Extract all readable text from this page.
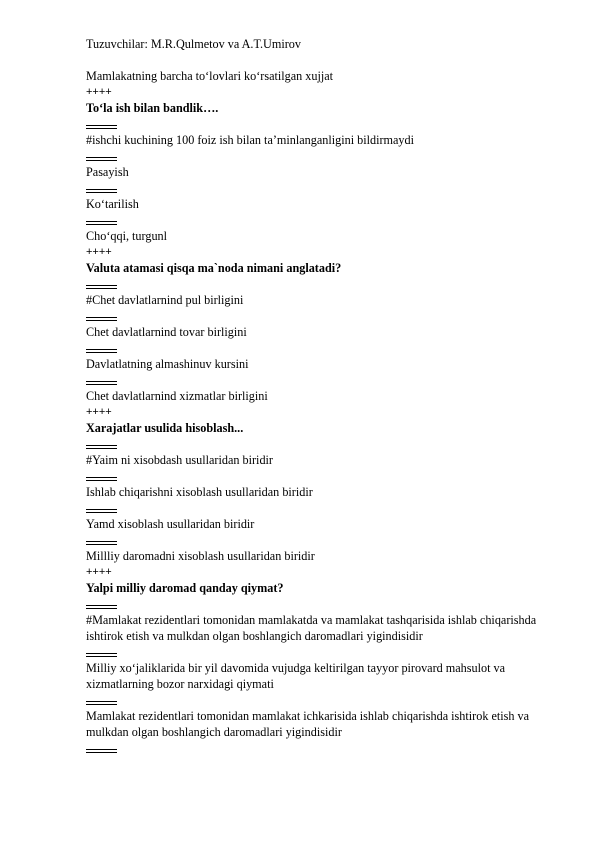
Tuzuvchilar: M.R.Qulmetov va A.T.Umirov
Mamlakatning barcha to‘lovlari ko‘rsatilgan xujjat
++++
To‘la ish bilan bandlik….
#ishchi kuchining 100 foiz ish bilan ta’minlanganligini bildirmaydi
Pasayish
Ko‘tarilish
Cho‘qqi, turgunl
++++
Valuta atamasi qisqa ma`noda nimani anglatadi?
#Chet davlatlarnind pul birligini
Chet davlatlarnind tovar birligini
Davlatlatning almashinuv kursini
Chet davlatlarnind xizmatlar birligini
++++
Xarajatlar usulida hisoblash...
#Yaim ni xisobdash usullaridan biridir
Ishlab chiqarishni xisoblash usullaridan biridir
Yamd xisoblash usullaridan biridir
Millliy daromadni xisoblash usullaridan biridir
++++
Yalpi milliy daromad qanday qiymat?
#Mamlakat rezidentlari tomonidan mamlakatda va mamlakat tashqarisida ishlab chiqarishda ishtirok etish va mulkdan olgan boshlangich daromadlari yigindisidir
Milliy xo‘jaliklarida bir yil davomida vujudga keltirilgan tayyor pirovard mahsulot va xizmatlarning bozor narxidagi qiymati
Mamlakat rezidentlari tomonidan mamlakat ichkarisida ishlab chiqarishda ishtirok etish va mulkdan olgan boshlangich daromadlari yigindisidir
